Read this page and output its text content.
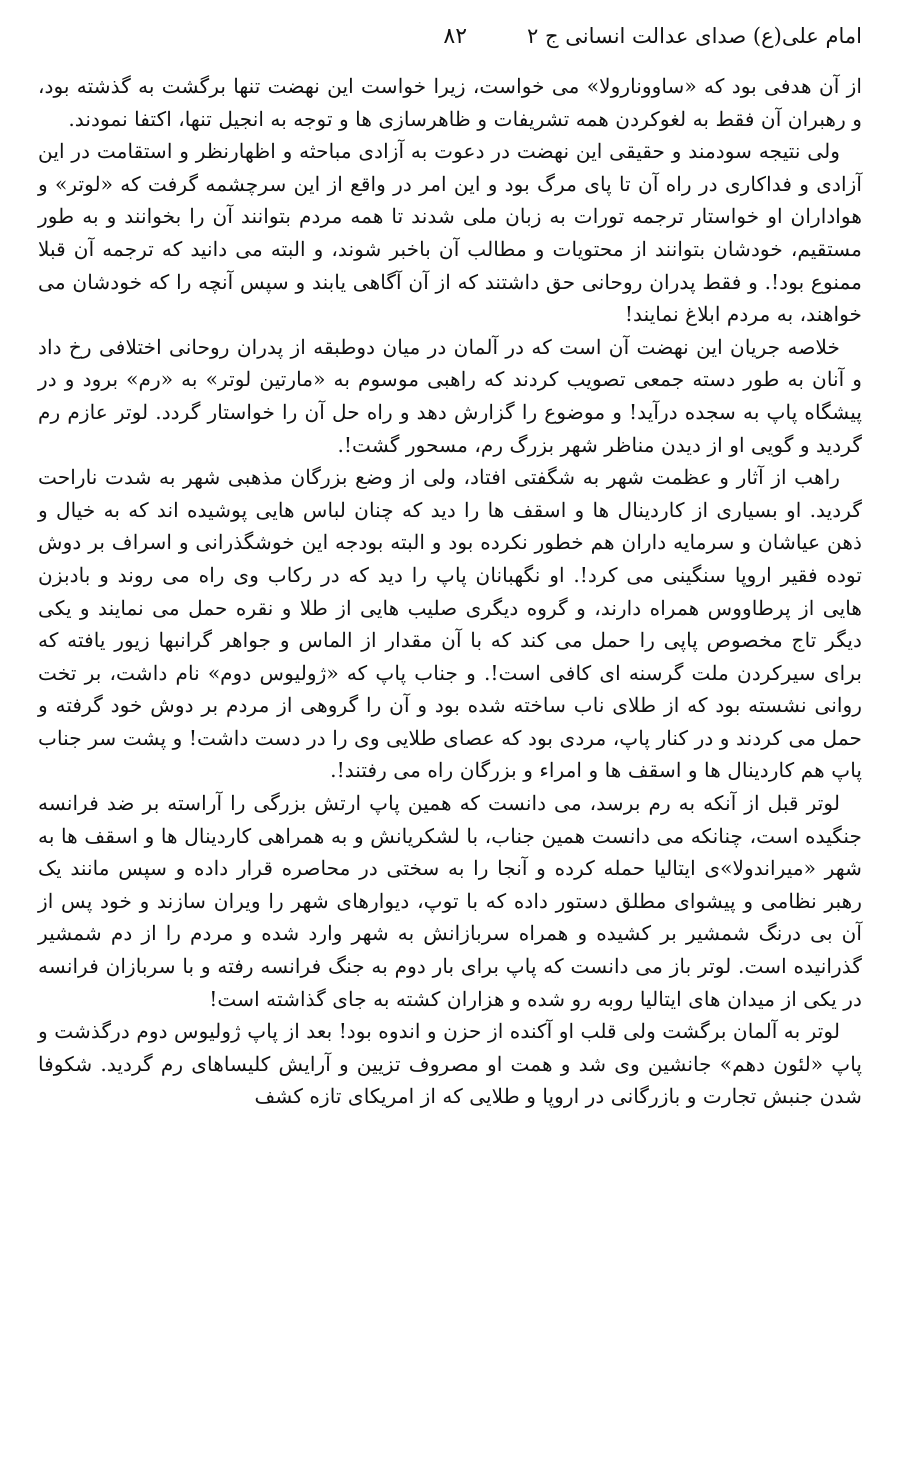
امام علی(ع) صدای عدالت انسانی ج ۲
۸۲

از آن هدفی بود که «ساوونارولا» می خواست، زیرا خواست این نهضت تنها برگشت به گذشته بود، و رهبران آن فقط به لغوکردن همه تشریفات و ظاهرسازی ها و توجه به انجیل تنها، اکتفا نمودند.

ولی نتیجه سودمند و حقیقی این نهضت در دعوت به آزادی مباحثه و اظهارنظر و استقامت در این آزادی و فداکاری در راه آن تا پای مرگ بود و این امر در واقع از این سرچشمه گرفت که «لوتر» و هواداران او خواستار ترجمه تورات به زبان ملی شدند تا همه مردم بتوانند آن را بخوانند و به طور مستقیم، خودشان بتوانند از محتویات و مطالب آن باخبر شوند، و البته می دانید که ترجمه آن قبلا ممنوع بود!. و فقط پدران روحانی حق داشتند که از آن آگاهی یابند و سپس آنچه را که خودشان می خواهند، به مردم ابلاغ نمایند!

خلاصه جریان این نهضت آن است که در آلمان در میان دوطبقه از پدران روحانی اختلافی رخ داد و آنان به طور دسته جمعی تصویب کردند که راهبی موسوم به «مارتین لوتر» به «رم» برود و در پیشگاه پاپ به سجده درآید! و موضوع را گزارش دهد و راه حل آن را خواستار گردد. لوتر عازم رم گردید و گویی او از دیدن مناظر شهر بزرگ رم، مسحور گشت!.

راهب از آثار و عظمت شهر به شگفتی افتاد، ولی از وضع بزرگان مذهبی شهر به شدت ناراحت گردید. او بسیاری از کاردینال ها و اسقف ها را دید که چنان لباس هایی پوشیده اند که به خیال و ذهن عیاشان و سرمایه داران هم خطور نکرده بود و البته بودجه این خوشگذرانی و اسراف بر دوش توده فقیر اروپا سنگینی می کرد!. او نگهبانان پاپ را دید که در رکاب وی راه می روند و بادبزن هایی از پرطاووس همراه دارند، و گروه دیگری صلیب هایی از طلا و نقره حمل می نمایند و یکی دیگر تاج مخصوص پاپی را حمل می کند که با آن مقدار از الماس و جواهر گرانبها زیور یافته که برای سیرکردن ملت گرسنه ای کافی است!. و جناب پاپ که «ژولیوس دوم» نام داشت، بر تخت روانی نشسته بود که از طلای ناب ساخته شده بود و آن را گروهی از مردم بر دوش خود گرفته و حمل می کردند و در کنار پاپ، مردی بود که عصای طلایی وی را در دست داشت! و پشت سر جناب پاپ هم کاردینال ها و اسقف ها و امراء و بزرگان راه می رفتند!.

لوتر قبل از آنکه به رم برسد، می دانست که همین پاپ ارتش بزرگی را آراسته بر ضد فرانسه جنگیده است، چنانکه می دانست همین جناب، با لشکریانش و به همراهی کاردینال ها و اسقف ها به شهر «میراندولا»ی ایتالیا حمله کرده و آنجا را به سختی در محاصره قرار داده و سپس مانند یک رهبر نظامی و پیشوای مطلق دستور داده که با توپ، دیوارهای شهر را ویران سازند و خود پس از آن بی درنگ شمشیر بر کشیده و همراه سربازانش به شهر وارد شده و مردم را از دم شمشیر گذرانیده است. لوتر باز می دانست که پاپ برای بار دوم به جنگ فرانسه رفته و با سربازان فرانسه در یکی از میدان های ایتالیا روبه رو شده و هزاران کشته به جای گذاشته است!

لوتر به آلمان برگشت ولی قلب او آکنده از حزن و اندوه بود! بعد از پاپ ژولیوس دوم درگذشت و پاپ «لئون دهم» جانشین وی شد و همت او مصروف تزیین و آرایش کلیساهای رم گردید. شکوفا شدن جنبش تجارت و بازرگانی در اروپا و طلایی که از امریکای تازه کشف
